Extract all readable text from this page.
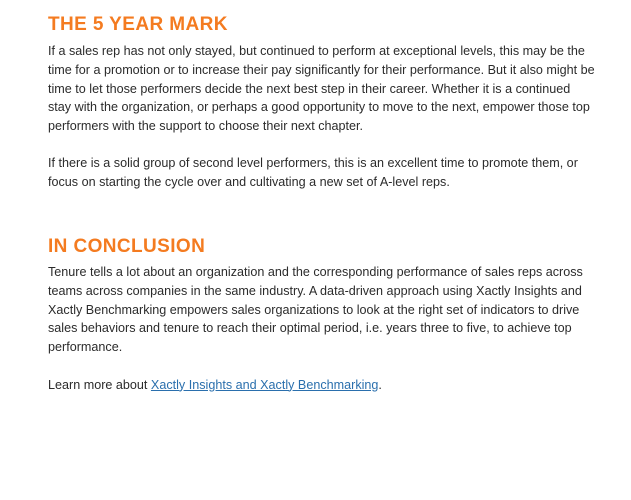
THE 5 YEAR MARK

If a sales rep has not only stayed, but continued to perform at exceptional levels, this may be the time for a promotion or to increase their pay significantly for their performance. But it also might be time to let those performers decide the next best step in their career. Whether it is a continued stay with the organization, or perhaps a good opportunity to move to the next, empower those top performers with the support to choose their next chapter.

If there is a solid group of second level performers, this is an excellent time to promote them, or focus on starting the cycle over and cultivating a new set of A-level reps.

IN CONCLUSION

Tenure tells a lot about an organization and the corresponding performance of sales reps across teams across companies in the same industry. A data-driven approach using Xactly Insights and Xactly Benchmarking empowers sales organizations to look at the right set of indicators to drive sales behaviors and tenure to reach their optimal period, i.e. years three to five, to achieve top performance.

Learn more about Xactly Insights and Xactly Benchmarking.
